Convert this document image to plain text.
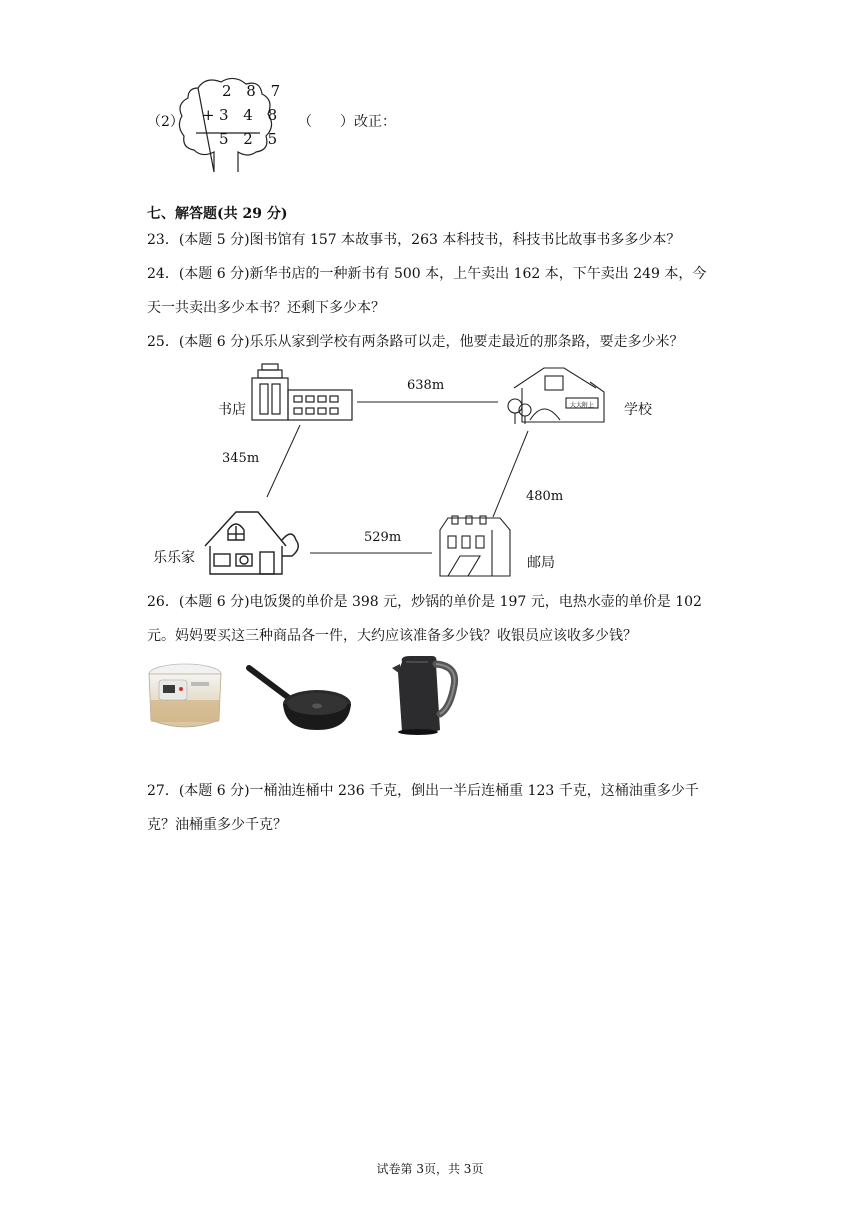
（2）
2 8 7
+ 3 4 8
5 2 5
（　　） 改正：
七、解答题(共 29 分)
23．(本题 5 分)图书馆有 157 本故事书，263 本科技书，科技书比故事书多多少本？
24．(本题 6 分)新华书店的一种新书有 500 本，上午卖出 162 本，下午卖出 249 本，今
天一共卖出多少本书？还剩下多少本？
25．(本题 6 分)乐乐从家到学校有两条路可以走，他要走最近的那条路，要走多少米？
书店	学校
乐乐家	邮局
638m
345m
480m
529m
大大附上
26．(本题 6 分)电饭煲的单价是 398 元，炒锅的单价是 197 元，电热水壶的单价是 102
元。妈妈要买这三种商品各一件，大约应该准备多少钱？收银员应该收多少钱？
27．(本题 6 分)一桶油连桶中 236 千克，倒出一半后连桶重 123 千克，这桶油重多少千
克？油桶重多少千克？
试卷第 3页，共 3页
